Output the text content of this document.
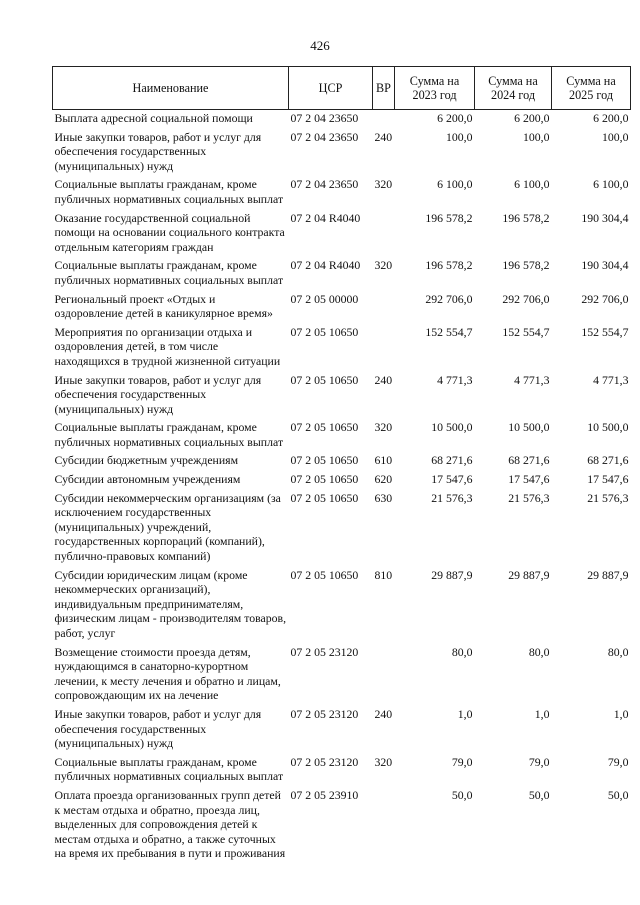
426
Наименование	ЦСР	ВР	Сумма на 2023 год	Сумма на 2024 год	Сумма на 2025 год
Выплата адресной социальной помощи	07 2 04 23650		6 200,0	6 200,0	6 200,0
Иные закупки товаров, работ и услуг для обеспечения государственных (муниципальных) нужд	07 2 04 23650	240	100,0	100,0	100,0
Социальные выплаты гражданам, кроме публичных нормативных социальных выплат	07 2 04 23650	320	6 100,0	6 100,0	6 100,0
Оказание государственной социальной помощи на основании социального контракта отдельным категориям граждан	07 2 04 R4040		196 578,2	196 578,2	190 304,4
Социальные выплаты гражданам, кроме публичных нормативных социальных выплат	07 2 04 R4040	320	196 578,2	196 578,2	190 304,4
Региональный проект «Отдых и оздоровление детей в каникулярное время»	07 2 05 00000		292 706,0	292 706,0	292 706,0
Мероприятия по организации отдыха и оздоровления детей, в том числе находящихся в трудной жизненной ситуации	07 2 05 10650		152 554,7	152 554,7	152 554,7
Иные закупки товаров, работ и услуг для обеспечения государственных (муниципальных) нужд	07 2 05 10650	240	4 771,3	4 771,3	4 771,3
Социальные выплаты гражданам, кроме публичных нормативных социальных выплат	07 2 05 10650	320	10 500,0	10 500,0	10 500,0
Субсидии бюджетным учреждениям	07 2 05 10650	610	68 271,6	68 271,6	68 271,6
Субсидии автономным учреждениям	07 2 05 10650	620	17 547,6	17 547,6	17 547,6
Субсидии некоммерческим организациям (за исключением государственных (муниципальных) учреждений, государственных корпораций (компаний), публично-правовых компаний)	07 2 05 10650	630	21 576,3	21 576,3	21 576,3
Субсидии юридическим лицам (кроме некоммерческих организаций), индивидуальным предпринимателям, физическим лицам - производителям товаров, работ, услуг	07 2 05 10650	810	29 887,9	29 887,9	29 887,9
Возмещение стоимости проезда детям, нуждающимся в санаторно-курортном лечении, к месту лечения и обратно и лицам, сопровождающим их на лечение	07 2 05 23120		80,0	80,0	80,0
Иные закупки товаров, работ и услуг для обеспечения государственных (муниципальных) нужд	07 2 05 23120	240	1,0	1,0	1,0
Социальные выплаты гражданам, кроме публичных нормативных социальных выплат	07 2 05 23120	320	79,0	79,0	79,0
Оплата проезда организованных групп детей к местам отдыха и обратно, проезда лиц, выделенных для сопровождения детей к местам отдыха и обратно, а также суточных на время их пребывания в пути и проживания	07 2 05 23910		50,0	50,0	50,0
